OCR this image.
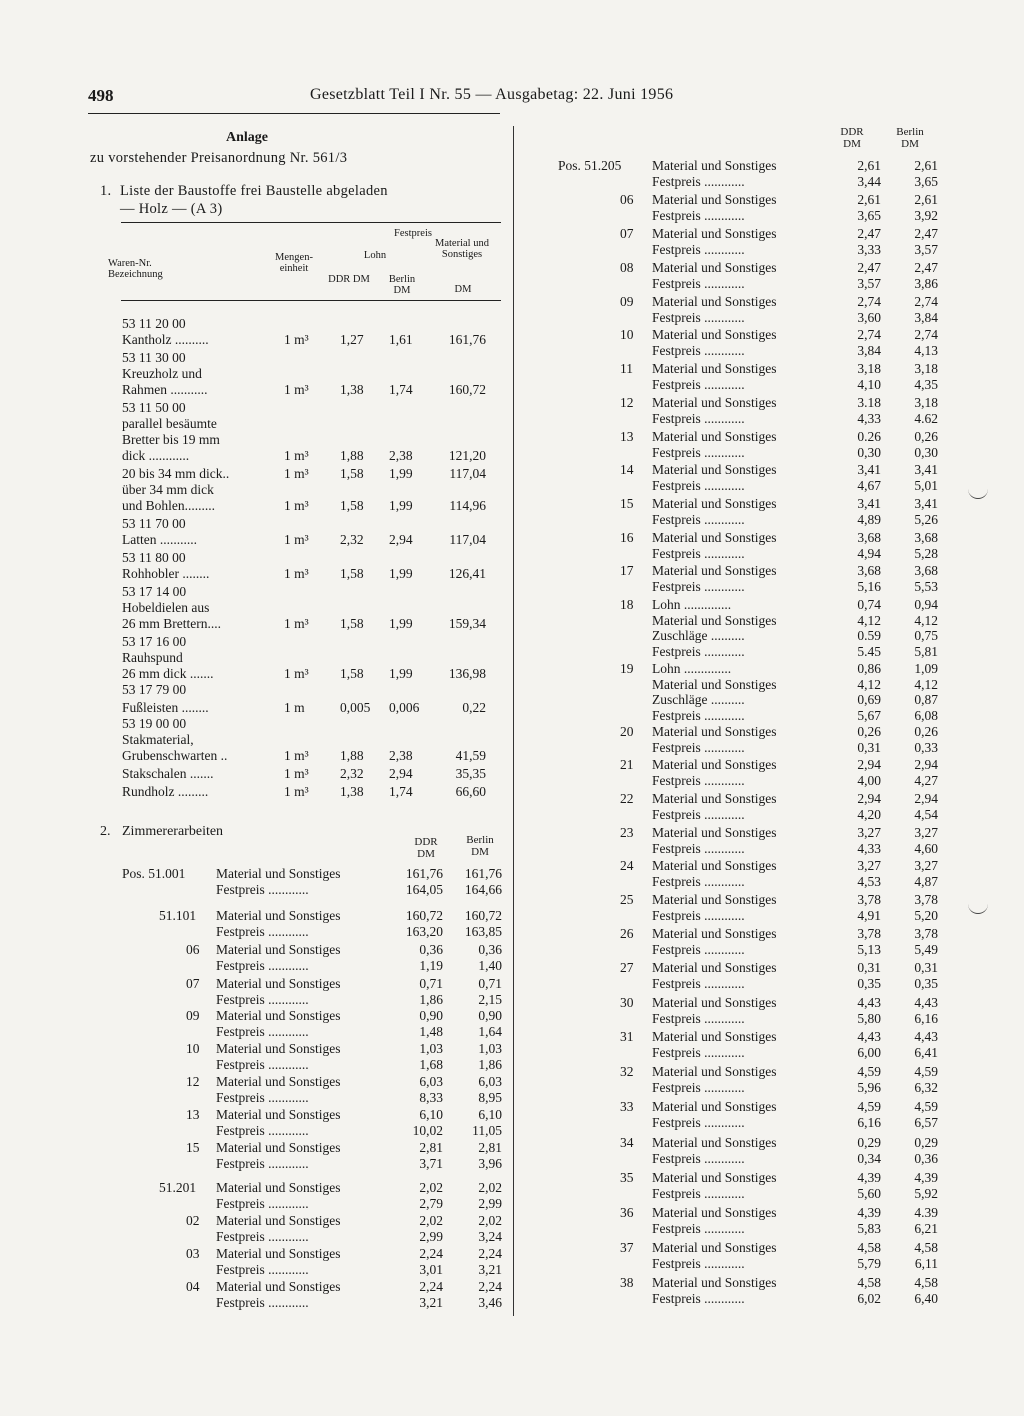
498	Gesetzblatt Teil I Nr. 55 — Ausgabetag: 22. Juni 1956
Anlage
zu vorstehender Preisanordnung Nr. 561/3
1. Liste der Baustoffe frei Baustelle abgeladen
— Holz — (A 3)
Festpreis
Waren-Nr. Bezeichnung
Mengen- einheit
Lohn
Material und Sonstiges
DDR DM	Berlin DM	DM
53 11 20 00
Kantholz ..........	1 m³ 1,27 1,61	161,76
53 11 30 00
Kreuzholz und
Rahmen ...........	1 m³ 1,38 1,74	160,72
53 11 50 00
parallel besäumte
Bretter bis 19 mm
dick ............	1 m³ 1,88 2,38	121,20
20 bis 34 mm dick..	1 m³ 1,58 1,99	117,04
über 34 mm dick
und Bohlen.........	1 m³ 1,58 1,99	114,96
53 11 70 00
Latten ...........	1 m³ 2,32 2,94	117,04
53 11 80 00
Rohhobler ........	1 m³ 1,58 1,99	126,41
53 17 14 00
Hobeldielen aus
26 mm Brettern....	1 m³ 1,58 1,99	159,34
53 17 16 00
Rauhspund
26 mm dick .......	1 m³ 1,58 1,99	136,98
53 17 79 00
Fußleisten ........	1 m	0,005 0,006	0,22
53 19 00 00
Stakmaterial,
Grubenschwarten ..	1 m³ 1,88 2,38	41,59
Stakschalen .......	1 m³ 2,32 2,94	35,35
Rundholz .........	1 m³ 1,38 1,74	66,60
2. Zimmererarbeiten
DDR DM
Berlin DM
Pos. 51.001 Material und Sonstiges	161,76 161,76
Festpreis ............	164,05 164,66
51.101 Material und Sonstiges	160,72 160,72
Festpreis ............	163,20 163,85
06 Material und Sonstiges	0,36	0,36
Festpreis ............	1,19	1,40
07 Material und Sonstiges	0,71	0,71
Festpreis ............	1,86	2,15
09 Material und Sonstiges	0,90	0,90
Festpreis ............	1,48	1,64
10 Material und Sonstiges	1,03	1,03
Festpreis ............	1,68	1,86
12 Material und Sonstiges	6,03	6,03
Festpreis ............	8,33	8,95
13 Material und Sonstiges	6,10	6,10
Festpreis ............	10,02 11,05
15 Material und Sonstiges	2,81	2,81
Festpreis ............	3,71	3,96
51.201 Material und Sonstiges	2,02	2,02
Festpreis ............	2,79	2,99
02 Material und Sonstiges	2,02	2,02
Festpreis ............	2,99	3,24
03 Material und Sonstiges	2,24	2,24
Festpreis ............	3,01	3,21
04 Material und Sonstiges	2,24	2,24
Festpreis ............	3,21	3,46
DDR DM
Berlin DM
Pos. 51.205 Material und Sonstiges	2,61 2,61
Festpreis ............	3,44 3,65
06 Material und Sonstiges	2,61 2,61
Festpreis ............	3,65 3,92
07 Material und Sonstiges	2,47 2,47
Festpreis ............	3,33 3,57
08 Material und Sonstiges	2,47 2,47
Festpreis ............	3,57 3,86
09 Material und Sonstiges	2,74 2,74
Festpreis ............	3,60 3,84
10 Material und Sonstiges	2,74 2,74
Festpreis ............	3,84 4,13
11 Material und Sonstiges	3,18 3,18
Festpreis ............	4,10 4,35
12 Material und Sonstiges	3.18 3,18
Festpreis ............	4,33 4.62
13 Material und Sonstiges	0.26 0,26
Festpreis ............	0,30 0,30
14 Material und Sonstiges	3,41 3,41
Festpreis ............	4,67 5,01
15 Material und Sonstiges	3,41 3,41
Festpreis ............	4,89 5,26
16 Material und Sonstiges	3,68 3,68
Festpreis ............	4,94 5,28
17 Material und Sonstiges	3,68 3,68
Festpreis ............	5,16 5,53
18 Lohn ..............	0,74 0,94
Material und Sonstiges	4,12 4,12
Zuschläge ..........	0.59 0,75
Festpreis ............	5.45 5,81
19 Lohn ..............	0,86 1,09
Material und Sonstiges	4,12 4,12
Zuschläge ..........	0,69 0,87
Festpreis ............	5,67 6,08
20 Material und Sonstiges	0,26 0,26
Festpreis ............	0,31 0,33
21 Material und Sonstiges	2,94 2,94
Festpreis ............	4,00 4,27
22 Material und Sonstiges	2,94 2,94
Festpreis ............	4,20 4,54
23 Material und Sonstiges	3,27 3,27
Festpreis ............	4,33 4,60
24 Material und Sonstiges	3,27 3,27
Festpreis ............	4,53 4,87
25 Material und Sonstiges	3,78 3,78
Festpreis ............	4,91 5,20
26 Material und Sonstiges	3,78 3,78
Festpreis ............	5,13 5,49
27 Material und Sonstiges	0,31 0,31
Festpreis ............	0,35 0,35
30 Material und Sonstiges	4,43 4,43
Festpreis ............	5,80 6,16
31 Material und Sonstiges	4,43 4,43
Festpreis ............	6,00 6,41
32 Material und Sonstiges	4,59 4,59
Festpreis ............	5,96 6,32
33 Material und Sonstiges	4,59 4,59
Festpreis ............	6,16 6,57
34 Material und Sonstiges	0,29 0,29
Festpreis ............	0,34 0,36
35 Material und Sonstiges	4,39 4,39
Festpreis ............	5,60 5,92
36 Material und Sonstiges	4,39 4.39
Festpreis ............	5,83 6,21
37 Material und Sonstiges	4,58 4,58
Festpreis ............	5,79	6,11
38 Material und Sonstiges	4,58 4,58
Festpreis ............	6,02 6,40
